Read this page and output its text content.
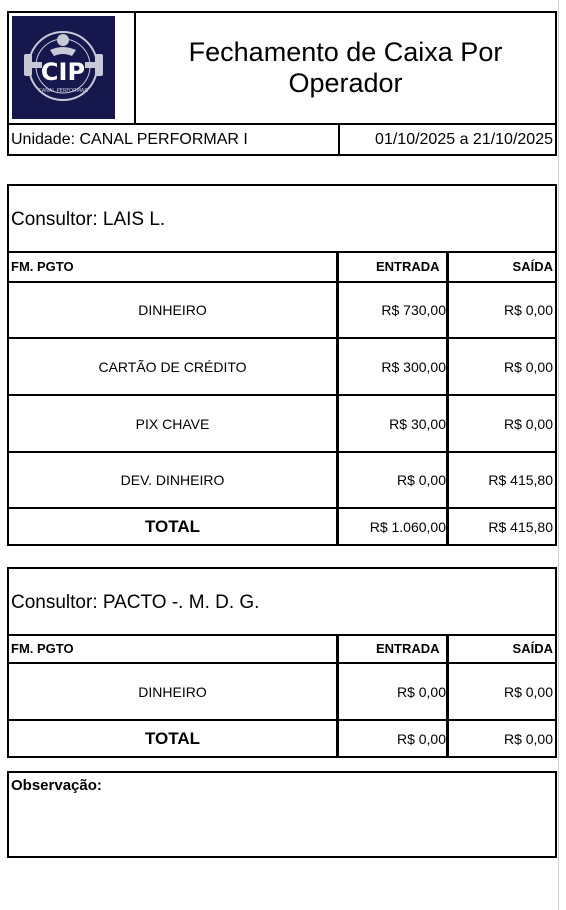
CIP
CANAL PERFORMAR
Fechamento de Caixa Por Operador
Unidade: CANAL PERFORMAR I	01/10/2025 a 21/10/2025
Consultor: LAIS L.
FM. PGTO	ENTRADA	SAÍDA
DINHEIRO	R$ 730,00	R$ 0,00
CARTÃO DE CRÉDITO	R$ 300,00	R$ 0,00
PIX CHAVE	R$ 30,00	R$ 0,00
DEV. DINHEIRO	R$ 0,00	R$ 415,80
TOTAL	R$ 1.060,00	R$ 415,80
Consultor: PACTO -. M. D. G.
FM. PGTO	ENTRADA	SAÍDA
DINHEIRO	R$ 0,00	R$ 0,00
TOTAL	R$ 0,00	R$ 0,00
Observação:
